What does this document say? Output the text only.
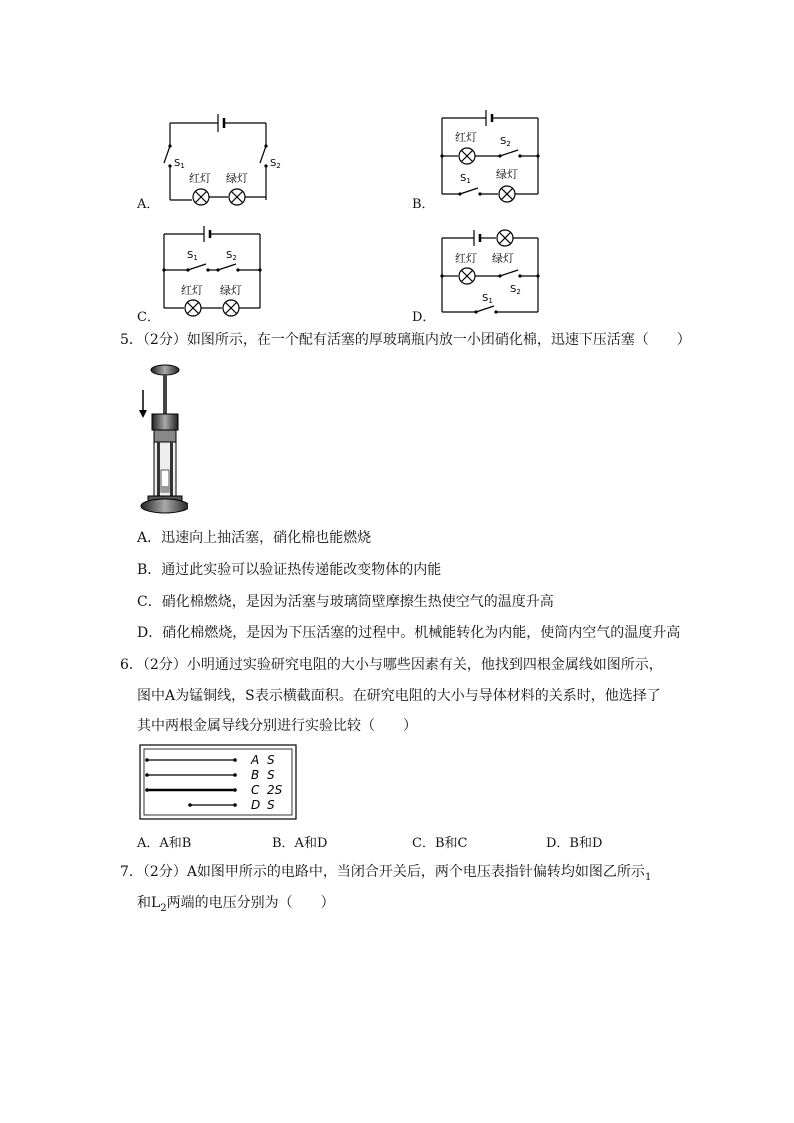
$S_1$	$S_2$
红灯 绿灯
A．
红灯 $S_2$
$S_1$ 绿灯
B．
$S_1$	$S_2$
红灯 绿灯
C．
红灯 绿灯
$S_2$
$S_1$
D．
5．（2分）如图所示，在一个配有活塞的厚玻璃瓶内放一小团硝化棉，迅速下压活塞（　　）
A．迅速向上抽活塞，硝化棉也能燃烧
B．通过此实验可以验证热传递能改变物体的内能
C．硝化棉燃烧，是因为活塞与玻璃筒壁摩擦生热使空气的温度升高
D．硝化棉燃烧，是因为下压活塞的过程中。机械能转化为内能，使筒内空气的温度升高
6．（2分）小明通过实验研究电阻的大小与哪些因素有关，他找到四根金属线如图所示，
图中A为锰铜线，S表示横截面积。在研究电阻的大小与导体材料的关系时，他选择了
其中两根金属导线分别进行实验比较（　　）
A S
B S
C 2S
D S
A．A和B	B．A和D	C．B和C	D．B和D
7．（2分）A如图甲所示的电路中，当闭合开关后，两个电压表指针偏转均如图乙所示$_1$
和$L_2$两端的电压分别为（　　）
